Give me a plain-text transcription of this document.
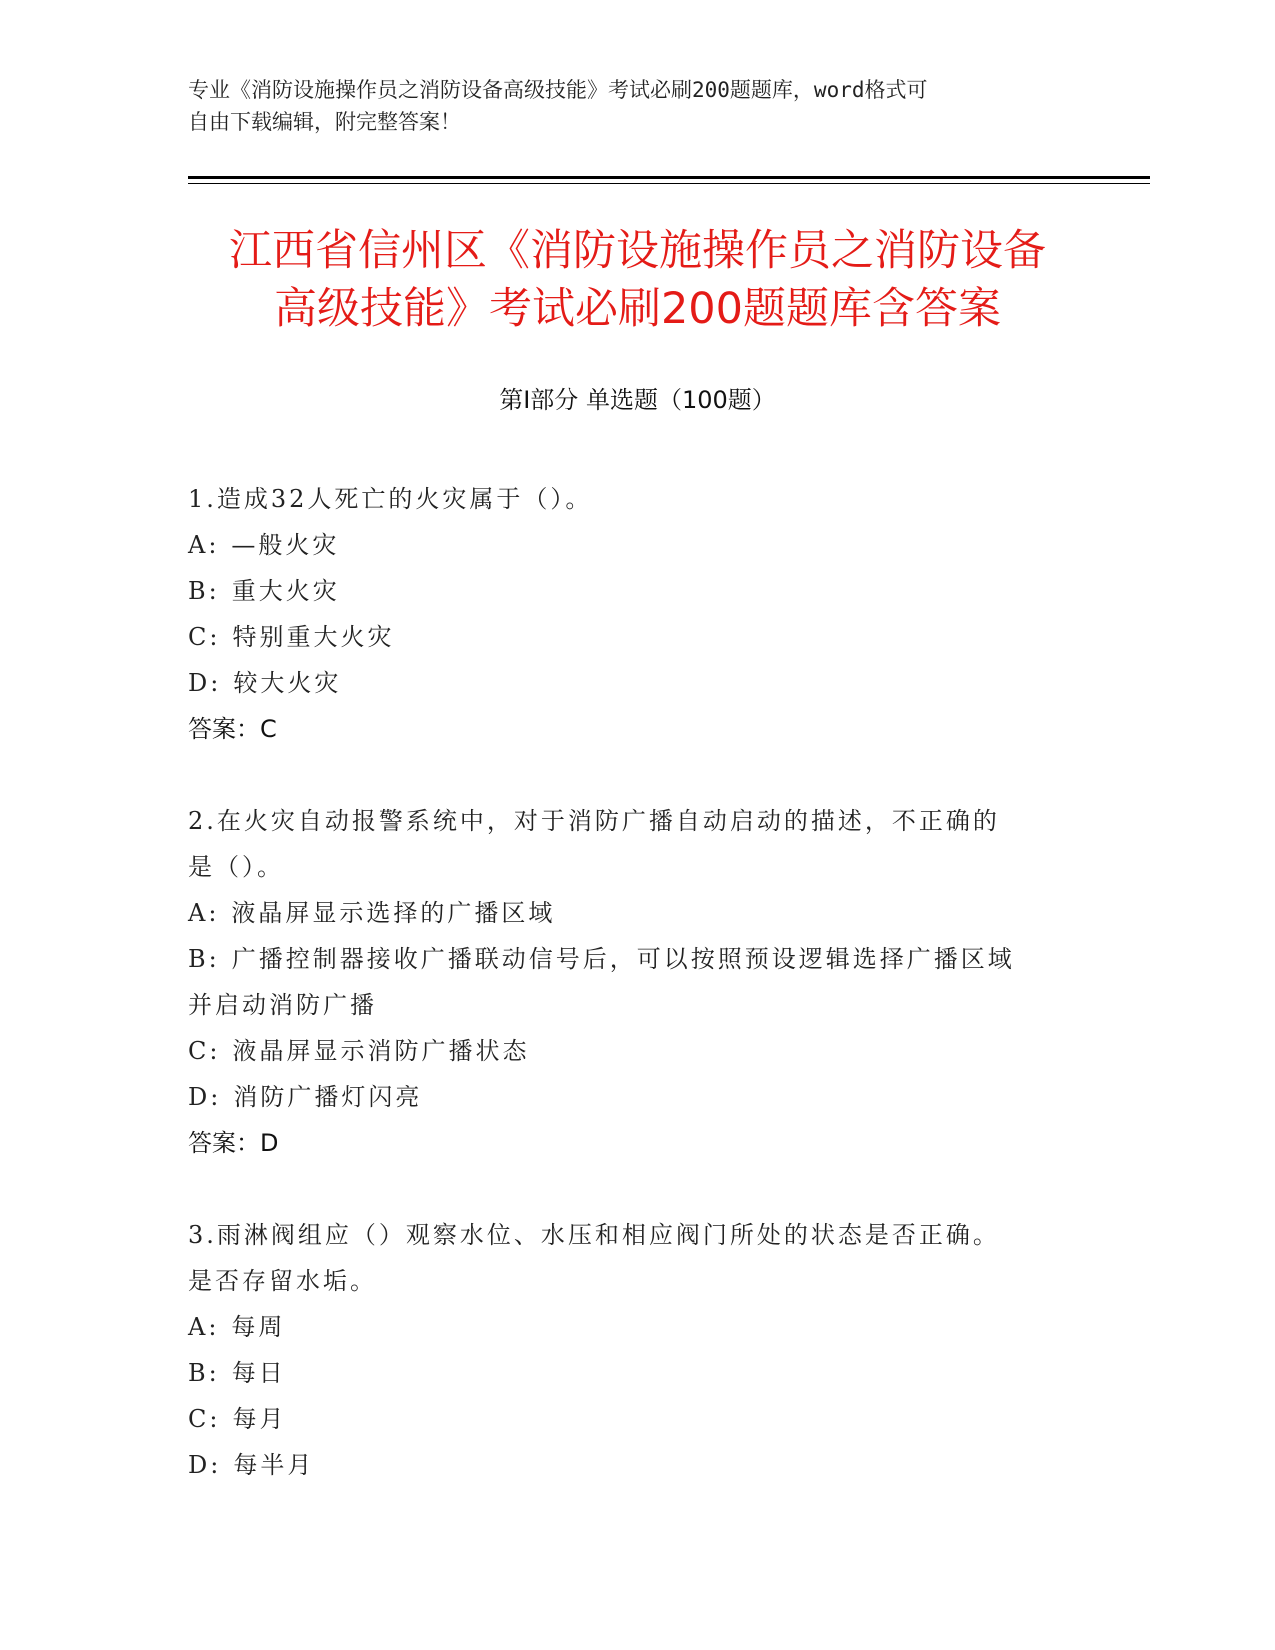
专业《消防设施操作员之消防设备高级技能》考试必刷200题题库，word格式可
自由下载编辑，附完整答案！
江西省信州区《消防设施操作员之消防设备
高级技能》考试必刷200题题库含答案
第Ⅰ部分 单选题（100题）

1.造成32人死亡的火灾属于（）。

A: —般火灾

B: 重大火灾

C: 特别重大火灾

D: 较大火灾

答案：C

2.在火灾自动报警系统中，对于消防广播自动启动的描述，不正确的

是（）。

A: 液晶屏显示选择的广播区域

B: 广播控制器接收广播联动信号后，可以按照预设逻辑选择广播区域

并启动消防广播

C: 液晶屏显示消防广播状态

D: 消防广播灯闪亮

答案：D

3.雨淋阀组应（）观察水位、水压和相应阀门所处的状态是否正确。

是否存留水垢。

A: 每周

B: 每日

C: 每月

D: 每半月
